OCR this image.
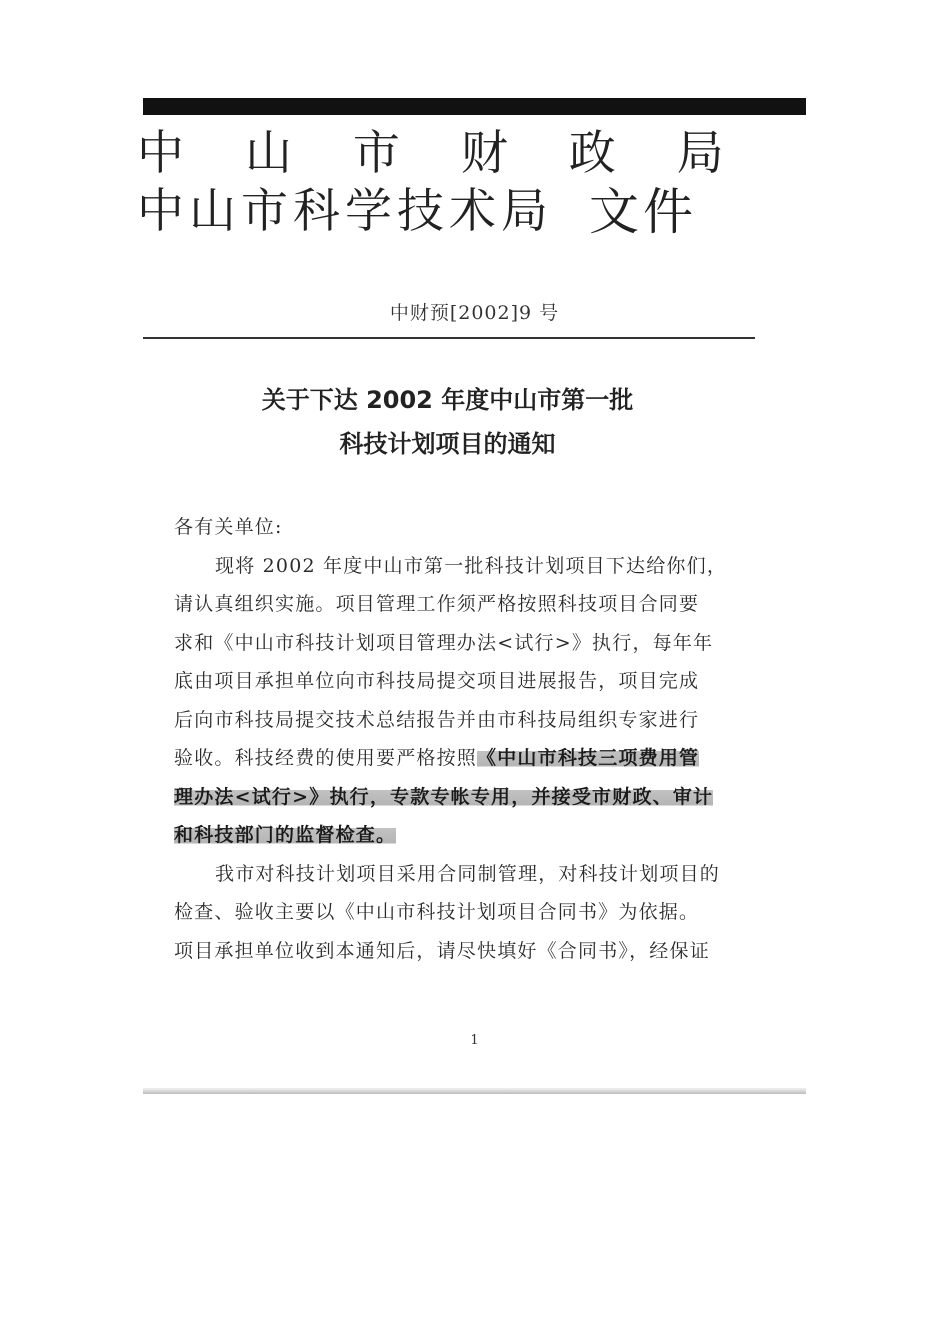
中 山 市 财 政 局
中山市科学技术局 文件
中财预[2002]9 号
关于下达 2002 年度中山市第一批
科技计划项目的通知
各有关单位:
现将 2002 年度中山市第一批科技计划项目下达给你们，
请认真组织实施。项目管理工作须严格按照科技项目合同要
求和《中山市科技计划项目管理办法<试行>》执行，每年年
底由项目承担单位向市科技局提交项目进展报告，项目完成
后向市科技局提交技术总结报告并由市科技局组织专家进行
验收。科技经费的使用要严格按照《中山市科技三项费用管
理办法<试行>》执行，专款专帐专用，并接受市财政、审计
和科技部门的监督检查。
我市对科技计划项目采用合同制管理，对科技计划项目的
检查、验收主要以《中山市科技计划项目合同书》为依据。
项目承担单位收到本通知后，请尽快填好《合同书》，经保证
1
